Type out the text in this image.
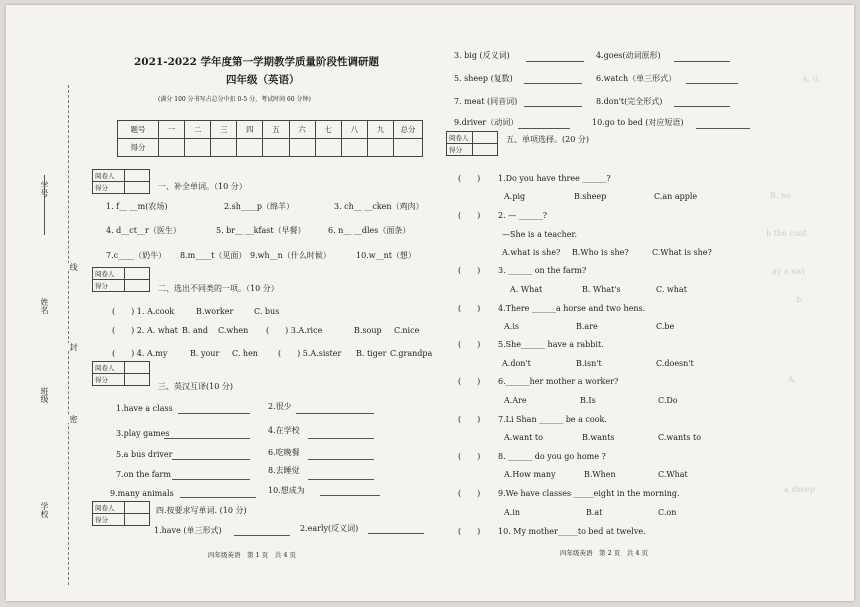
学号
姓名
班级
学校
线
封
密
2021-2022 学年度第一学期教学质量阶段性调研题
四年级（英语）
(满分 100 分书写占总分中扣 0-5 分，考试时间 60 分钟)
题号	一	二	三	四	五	六	七	八	九	总分
得分										
阅卷人	
得分		一、补全单词。（10 分）
1. f__ __m(农场)	2.sh____p（绵羊）	3. ch__ __cken（鸡肉）
4. d__ct__r（医生）	5. br__ __kfast（早餐）	6. n__ __dles（面条）
7.c____（奶牛） 8.m____t（见面） 9.wh__n（什么时候）	10.w__nt（想）
阅卷人	
得分		二、选出不同类的一项。（10 分）
(　　) 1. A.cook	B.worker	C. bus
(　　) 2. A. what B. and C.when (　　) 3.A.rice	B.soup C.nice
(　　) 4. A.my	B. your C. hen	(　　) 5.A.sister B. tiger C.grandpa
阅卷人	
得分	
三、英汉互译(10 分)
1.have a class	2.很少
3.play games	4.在学校
5.a bus driver	6.吃晚餐
7.on the farm	8.去睡觉
9.many animals	10.想成为
阅卷人	
得分	
四.按要求写单词. (10 分)
1.have (单三形式)	2.early(反义词)
四年级英语　第 1 页　共 4 页
A. 0.
B. no
h the coat
ay a swi
3. big (反义词)	4.goes(动词原形)
5. sheep (复数)	6.watch（单三形式）
7. meat (同音词)	8.don't(完全形式)
9.driver（动词）	10.go to bed (对应短语)
阅卷人	
得分	
五、单项选择。(20 分)
(　　) 1.Do you have three ______?
A.pig	B.sheep	C.an apple
(　　) 2. — ______?
—She is a teacher.
A.what is she? B.Who is she?	C.What is she?
(　　) 3. ______ on the farm?
A. What	B. What's	C. what
(　　) 4.There ______a horse and two hens.
A.is	B.are	C.be
(　　) 5.She______ have a rabbit.
A.don't	B.isn't	C.doesn't
(　　) 6.______her mother a worker?
A.Are	B.Is	C.Do
(　　) 7.Li Shan ______ be a cook.
A.want to	B.wants	C.wants to
(　　) 8. ______ do you go home ?
A.How many	B.When	C.What
(　　) 9.We have classes _____eight in the morning.
A.in	B.at	C.on
(　　) 10. My mother_____to bed at twelve.
四年级英语　第 2 页　共 4 页
b.
A.
a sheep
